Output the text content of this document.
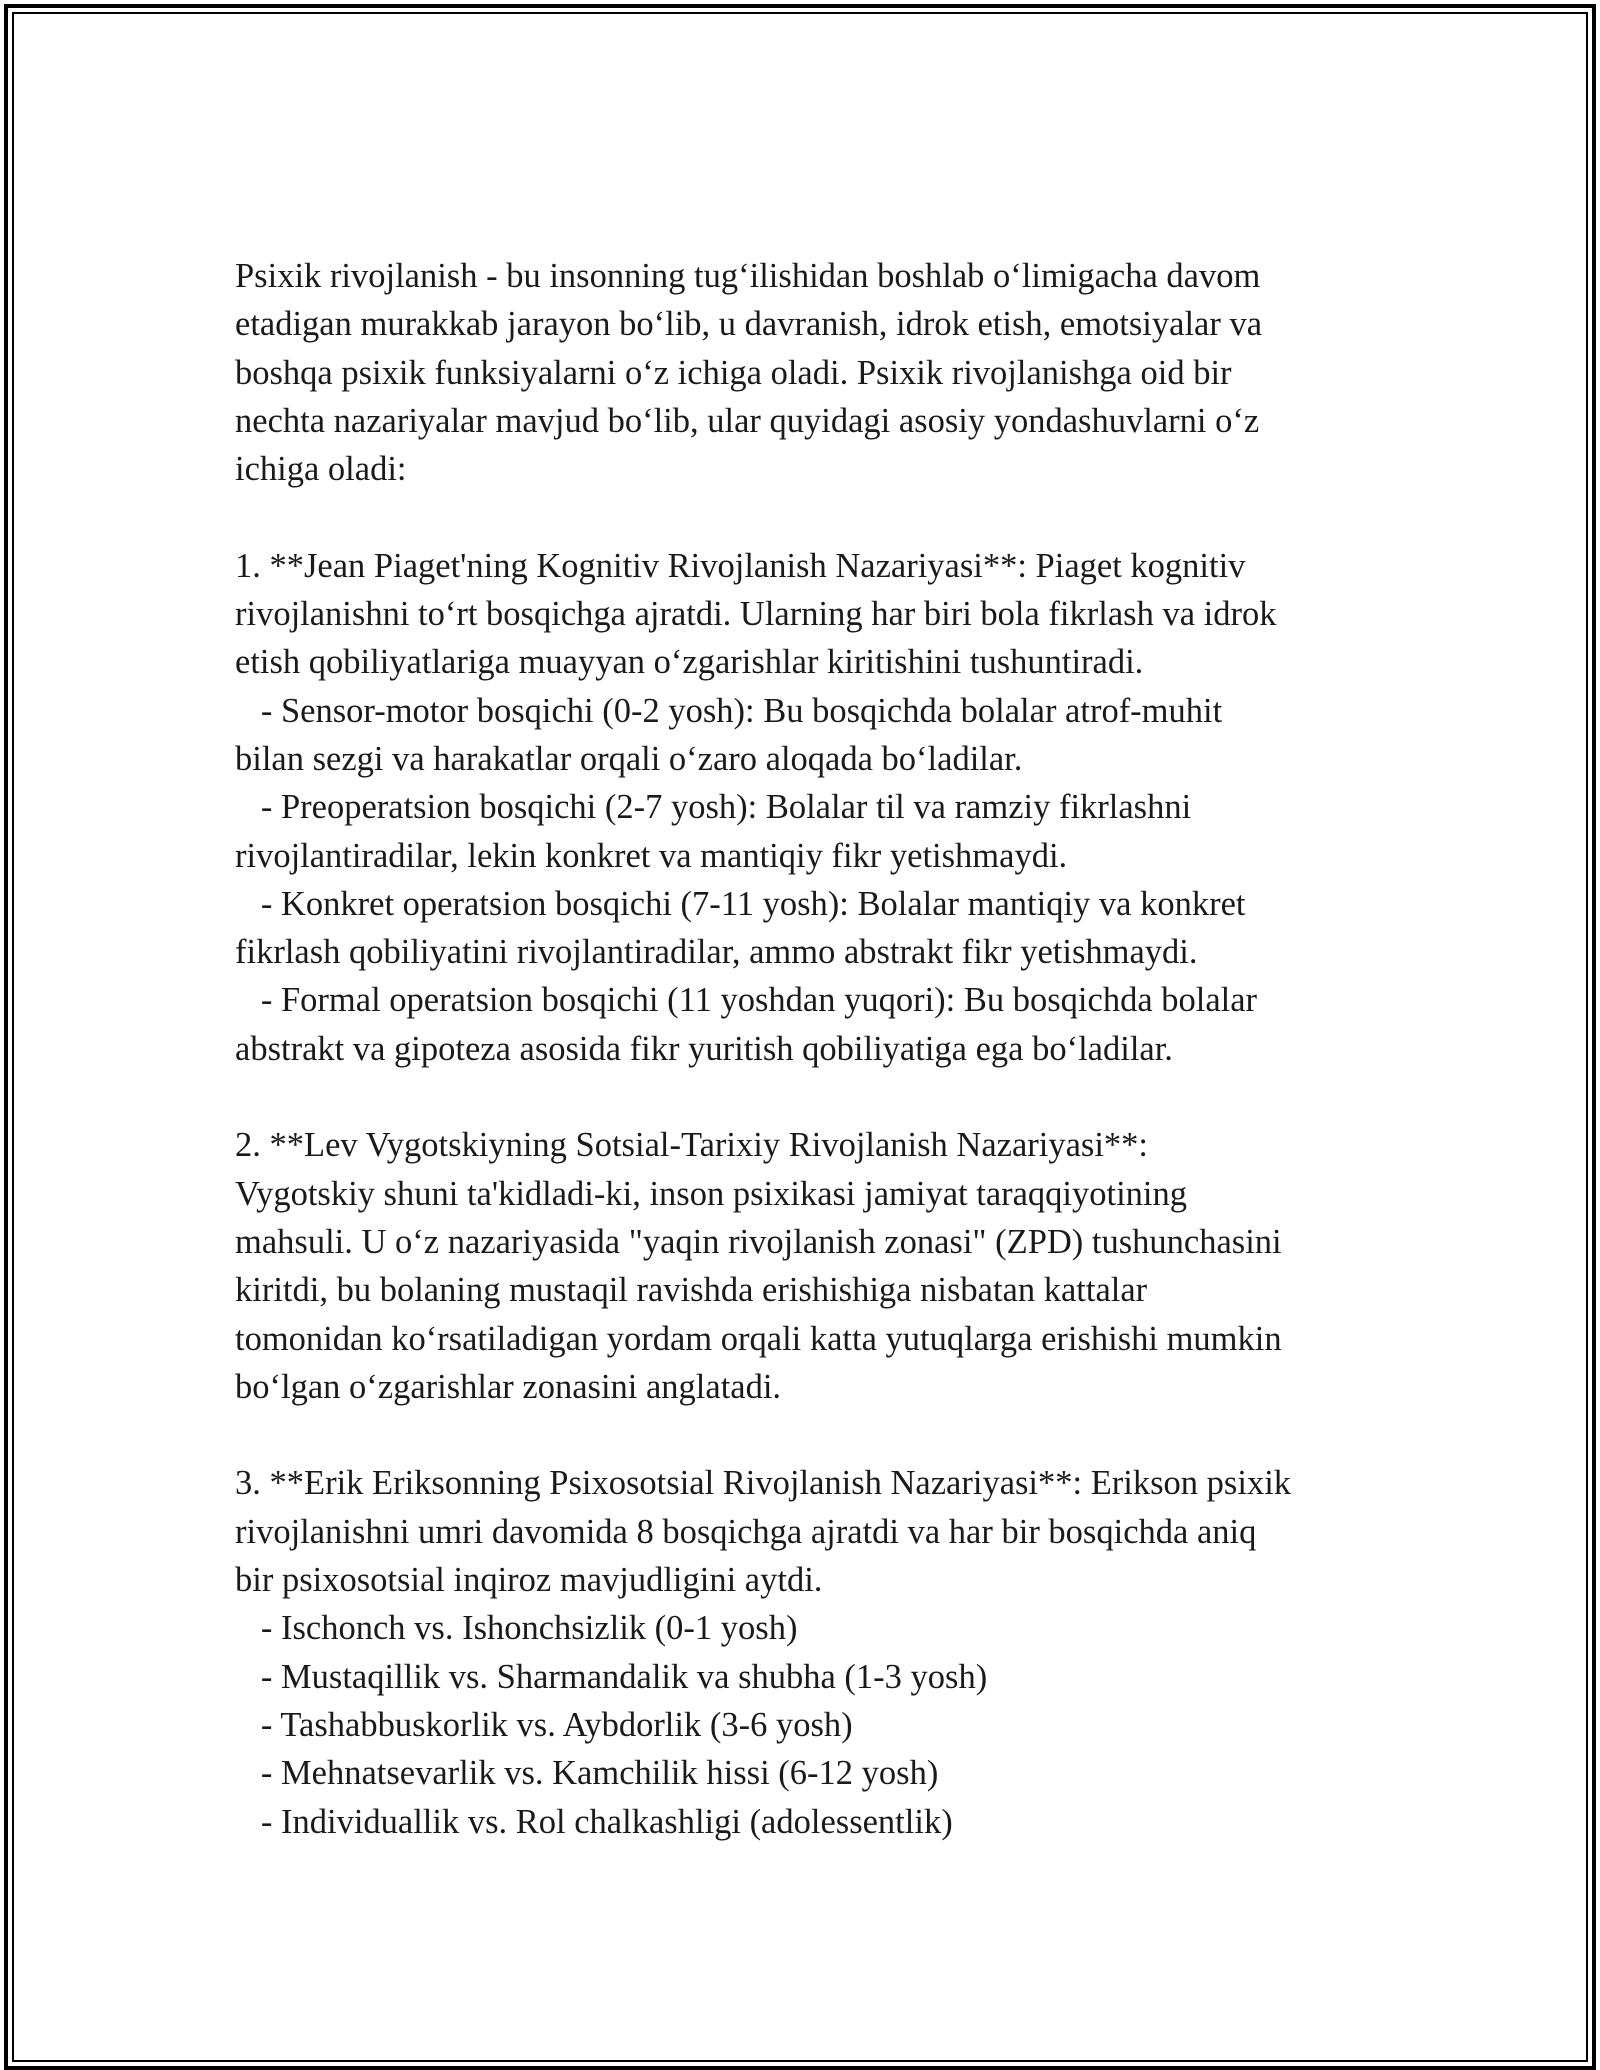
Psixik rivojlanish - bu insonning tug‘ilishidan boshlab o‘limigacha davom
etadigan murakkab jarayon bo‘lib, u davranish, idrok etish, emotsiyalar va
boshqa psixik funksiyalarni o‘z ichiga oladi. Psixik rivojlanishga oid bir
nechta nazariyalar mavjud bo‘lib, ular quyidagi asosiy yondashuvlarni o‘z
ichiga oladi:
1. **Jean Piaget'ning Kognitiv Rivojlanish Nazariyasi**: Piaget kognitiv
rivojlanishni to‘rt bosqichga ajratdi. Ularning har biri bola fikrlash va idrok
etish qobiliyatlariga muayyan o‘zgarishlar kiritishini tushuntiradi.
- Sensor-motor bosqichi (0-2 yosh): Bu bosqichda bolalar atrof-muhit
bilan sezgi va harakatlar orqali o‘zaro aloqada bo‘ladilar.
- Preoperatsion bosqichi (2-7 yosh): Bolalar til va ramziy fikrlashni
rivojlantiradilar, lekin konkret va mantiqiy fikr yetishmaydi.
- Konkret operatsion bosqichi (7-11 yosh): Bolalar mantiqiy va konkret
fikrlash qobiliyatini rivojlantiradilar, ammo abstrakt fikr yetishmaydi.
- Formal operatsion bosqichi (11 yoshdan yuqori): Bu bosqichda bolalar
abstrakt va gipoteza asosida fikr yuritish qobiliyatiga ega bo‘ladilar.
2. **Lev Vygotskiyning Sotsial-Tarixiy Rivojlanish Nazariyasi**:
Vygotskiy shuni ta'kidladi-ki, inson psixikasi jamiyat taraqqiyotining
mahsuli. U o‘z nazariyasida "yaqin rivojlanish zonasi" (ZPD) tushunchasini
kiritdi, bu bolaning mustaqil ravishda erishishiga nisbatan kattalar
tomonidan ko‘rsatiladigan yordam orqali katta yutuqlarga erishishi mumkin
bo‘lgan o‘zgarishlar zonasini anglatadi.
3. **Erik Eriksonning Psixosotsial Rivojlanish Nazariyasi**: Erikson psixik
rivojlanishni umri davomida 8 bosqichga ajratdi va har bir bosqichda aniq
bir psixosotsial inqiroz mavjudligini aytdi.
- Ischonch vs. Ishonchsizlik (0-1 yosh)
- Mustaqillik vs. Sharmandalik va shubha (1-3 yosh)
- Tashabbuskorlik vs. Aybdorlik (3-6 yosh)
- Mehnatsevarlik vs. Kamchilik hissi (6-12 yosh)
- Individuallik vs. Rol chalkashligi (adolessentlik)
